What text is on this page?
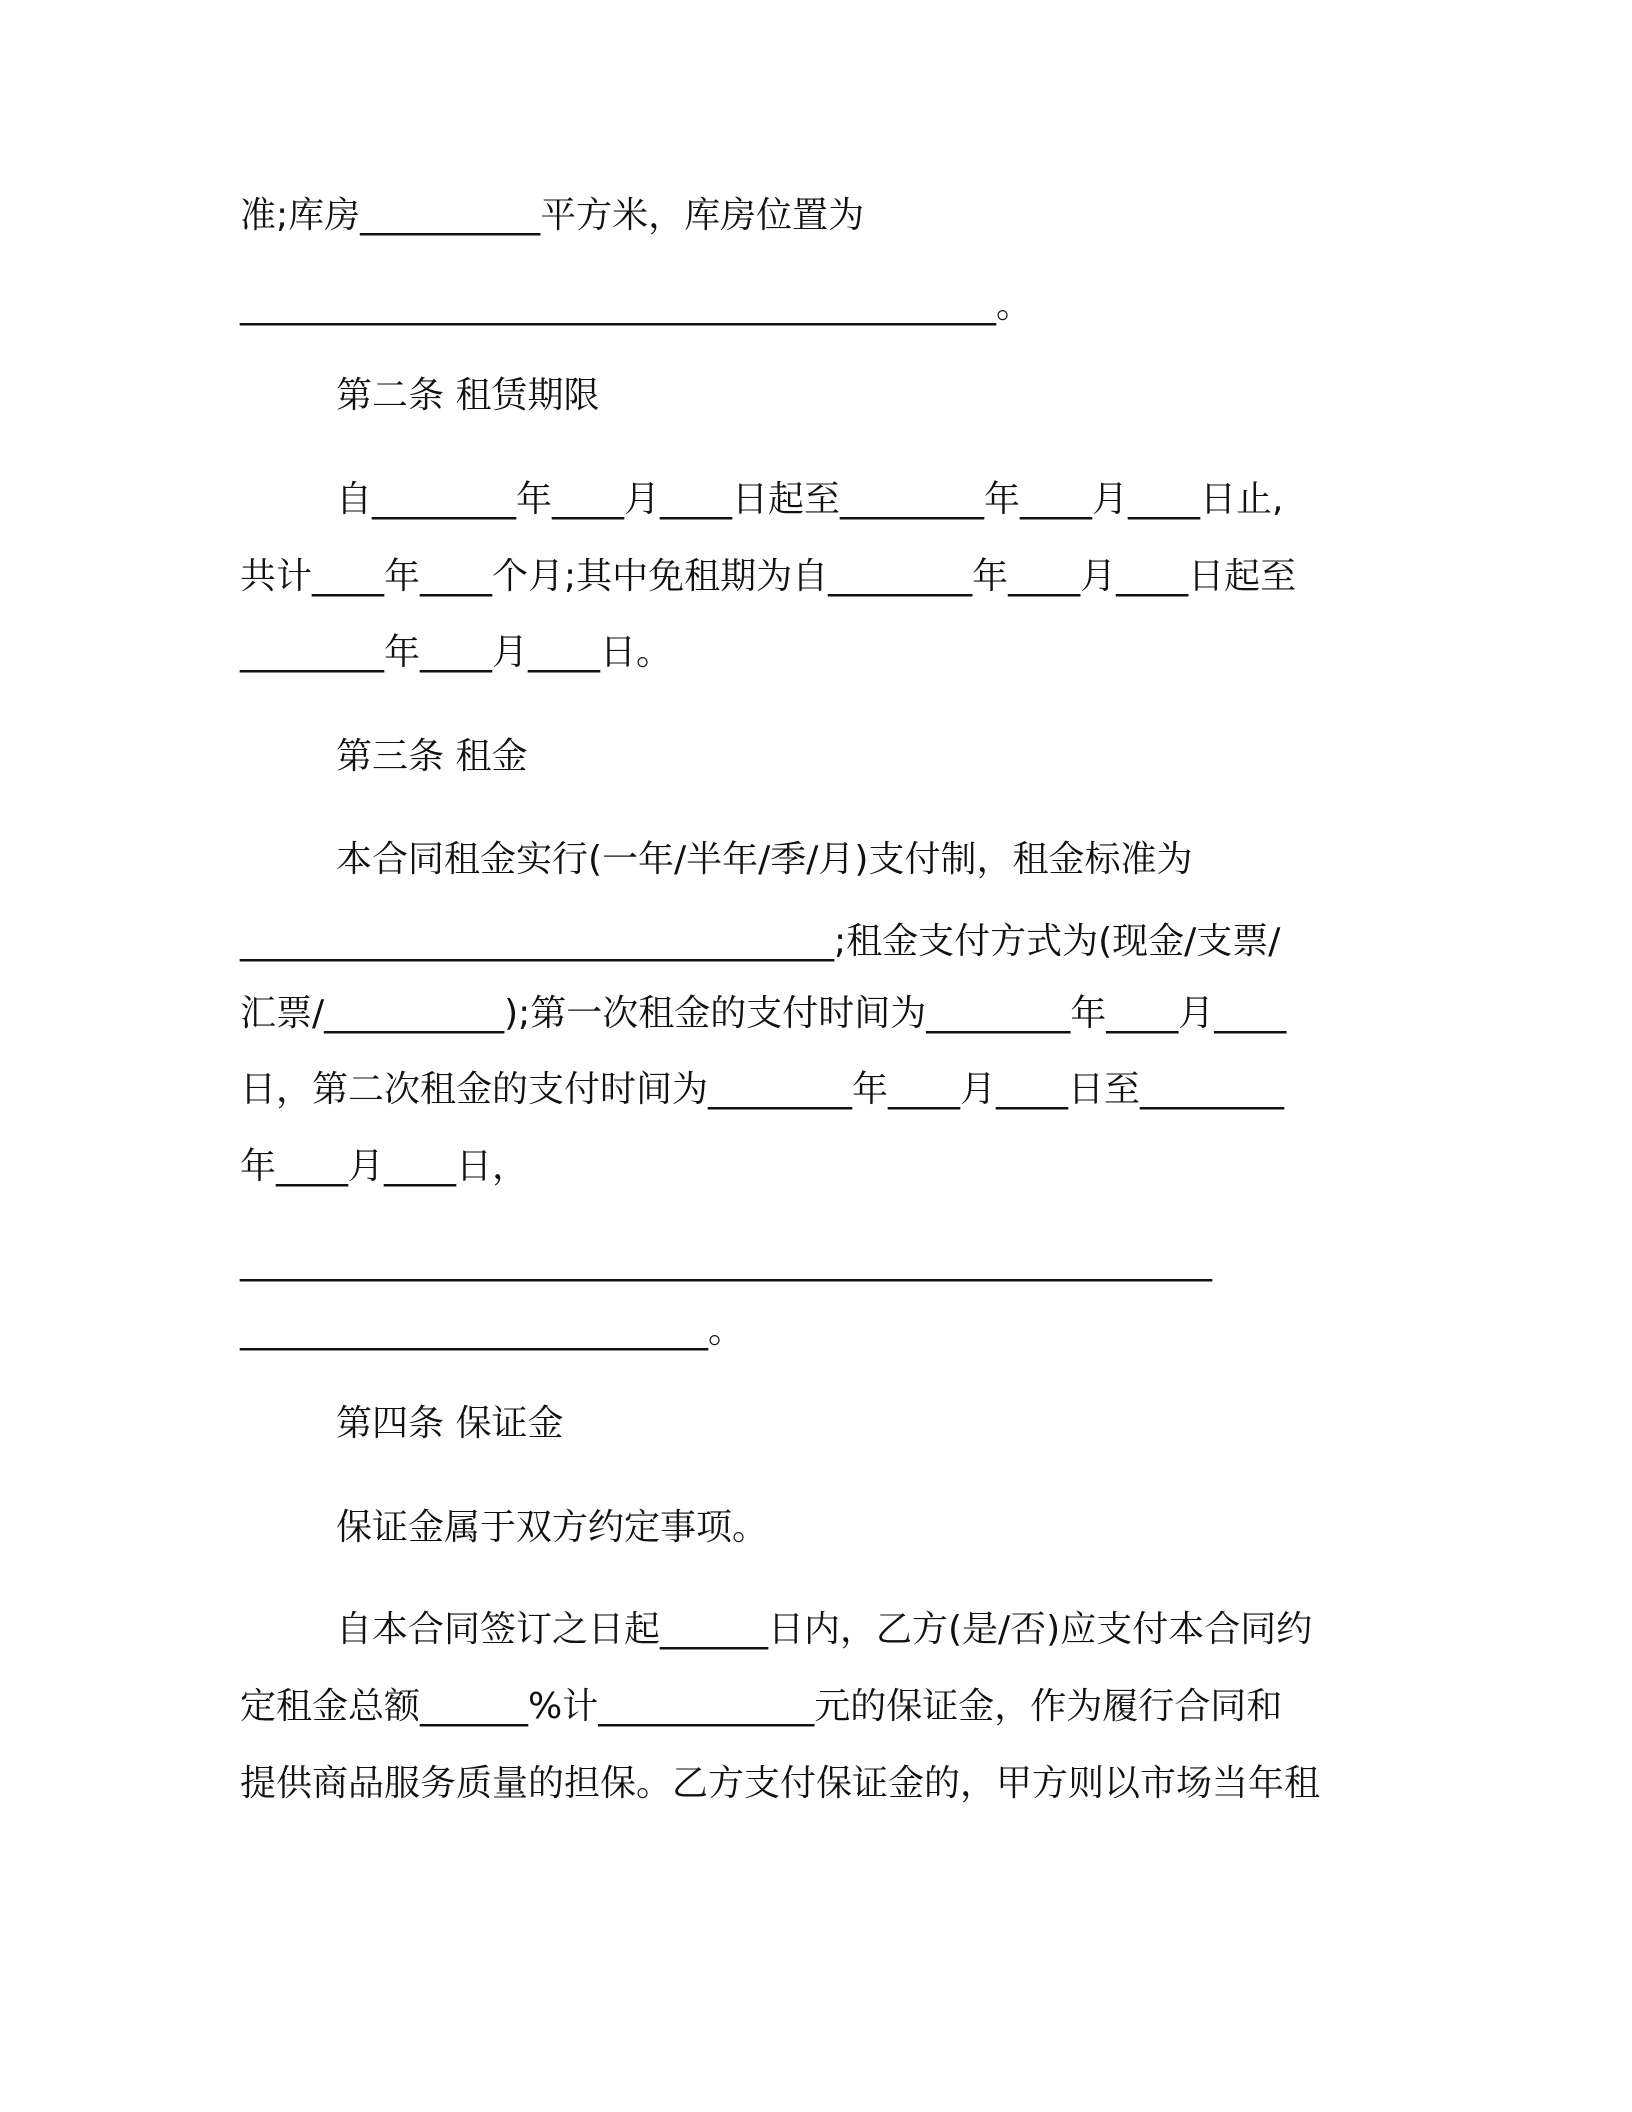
准;库房__________平方米，库房位置为
__________________________________________。
第二条 租赁期限
自________年____月____日起至________年____月____日止,
共计____年____个月;其中免租期为自________年____月____日起至
________年____月____日。
第三条 租金
本合同租金实行(一年/半年/季/月)支付制，租金标准为
_________________________________;租金支付方式为(现金/支票/
汇票/__________);第一次租金的支付时间为________年____月____
日，第二次租金的支付时间为________年____月____日至________
年____月____日，
______________________________________________________
__________________________。
第四条 保证金
保证金属于双方约定事项。
自本合同签订之日起______日内，乙方(是/否)应支付本合同约
定租金总额______%计____________元的保证金，作为履行合同和
提供商品服务质量的担保。乙方支付保证金的，甲方则以市场当年租
